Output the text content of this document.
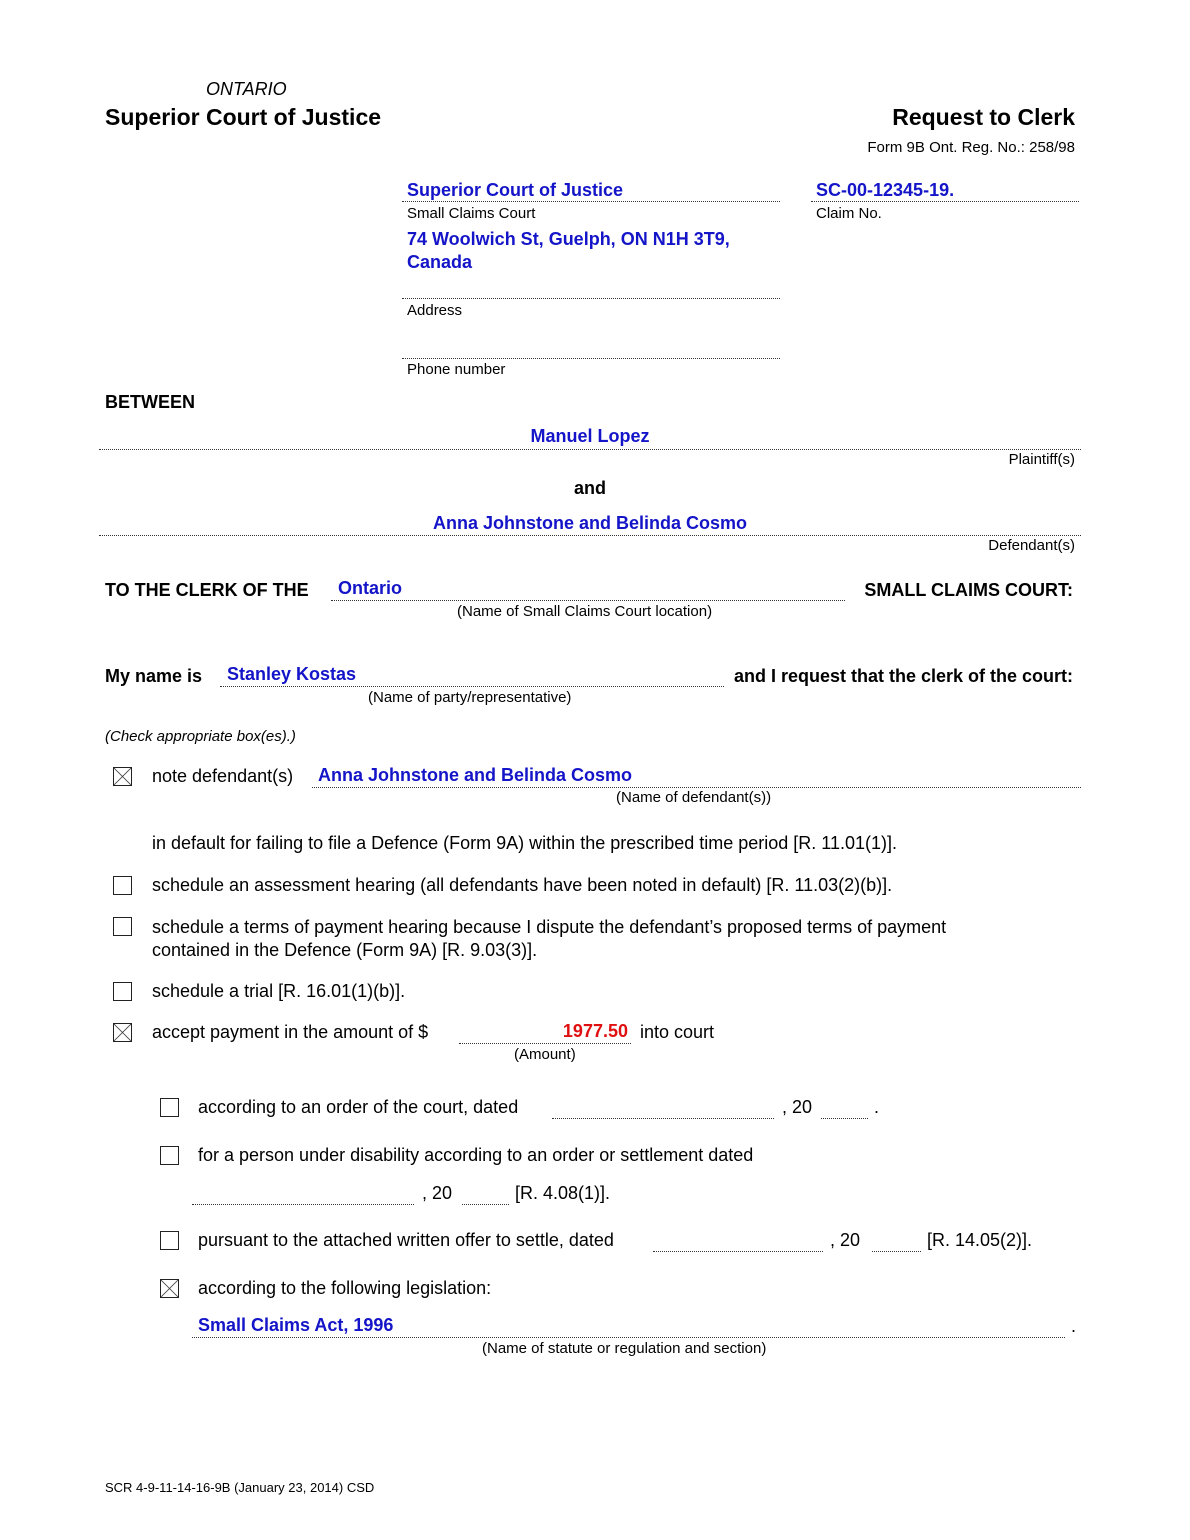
ONTARIO
Superior Court of Justice	Request to Clerk
Form 9B Ont. Reg. No.: 258/98
Superior Court of Justice
Small Claims Court
74 Woolwich St, Guelph, ON N1H 3T9,
Canada
Address
Phone number
SC-00-12345-19.
Claim No.
BETWEEN
Manuel Lopez
Plaintiff(s)
and
Anna Johnstone and Belinda Cosmo
Defendant(s)
TO THE CLERK OF THE Ontario	SMALL CLAIMS COURT:
(Name of Small Claims Court location)
My name is Stanley Kostas	and I request that the clerk of the court:
(Name of party/representative)
(Check appropriate box(es).)
note defendant(s) Anna Johnstone and Belinda Cosmo
(Name of defendant(s))
in default for failing to file a Defence (Form 9A) within the prescribed time period [R. 11.01(1)].
schedule an assessment hearing (all defendants have been noted in default) [R. 11.03(2)(b)].
schedule a terms of payment hearing because I dispute the defendant’s proposed terms of payment
contained in the Defence (Form 9A) [R. 9.03(3)].
schedule a trial [R. 16.01(1)(b)].
accept payment in the amount of $	1977.50 into court
(Amount)
according to an order of the court, dated	, 20	.
for a person under disability according to an order or settlement dated
, 20	[R. 4.08(1)].
pursuant to the attached written offer to settle, dated	, 20	[R. 14.05(2)].
according to the following legislation:
Small Claims Act, 1996	.
(Name of statute or regulation and section)
SCR 4-9-11-14-16-9B (January 23, 2014) CSD
